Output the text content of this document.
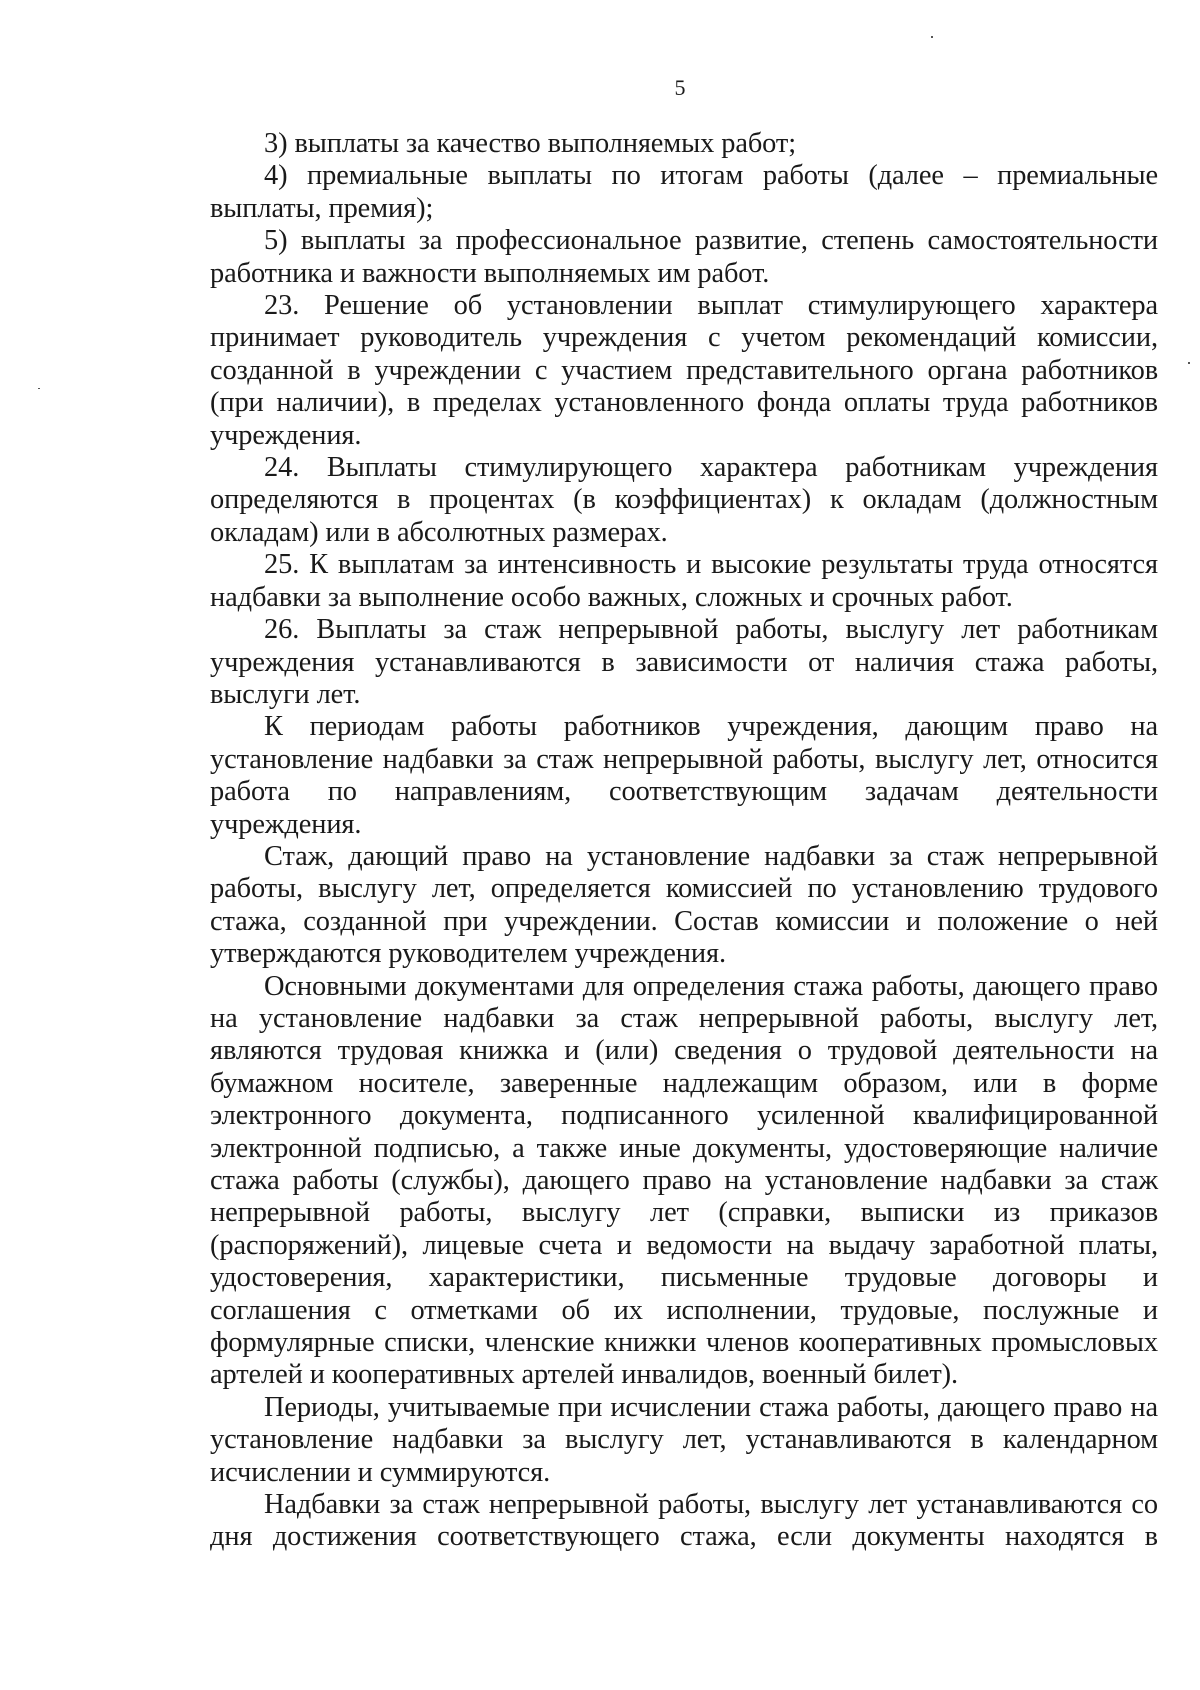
5

3) выплаты за качество выполняемых работ;

4) премиальные выплаты по итогам работы (далее – премиальные выплаты, премия);

5) выплаты за профессиональное развитие, степень самостоятельности работника и важности выполняемых им работ.

23. Решение об установлении выплат стимулирующего характера принимает руководитель учреждения с учетом рекомендаций комиссии, созданной в учреждении с участием представительного органа работников (при наличии), в пределах установленного фонда оплаты труда работников учреждения.

24. Выплаты стимулирующего характера работникам учреждения определяются в процентах (в коэффициентах) к окладам (должностным окладам) или в абсолютных размерах.

25. К выплатам за интенсивность и высокие результаты труда относятся надбавки за выполнение особо важных, сложных и срочных работ.

26. Выплаты за стаж непрерывной работы, выслугу лет работникам учреждения устанавливаются в зависимости от наличия стажа работы, выслуги лет.

К периодам работы работников учреждения, дающим право на установление надбавки за стаж непрерывной работы, выслугу лет, относится работа по направлениям, соответствующим задачам деятельности учреждения.

Стаж, дающий право на установление надбавки за стаж непрерывной работы, выслугу лет, определяется комиссией по установлению трудового стажа, созданной при учреждении. Состав комиссии и положение о ней утверждаются руководителем учреждения.

Основными документами для определения стажа работы, дающего право на установление надбавки за стаж непрерывной работы, выслугу лет, являются трудовая книжка и (или) сведения о трудовой деятельности на бумажном носителе, заверенные надлежащим образом, или в форме электронного документа, подписанного усиленной квалифицированной электронной подписью, а также иные документы, удостоверяющие наличие стажа работы (службы), дающего право на установление надбавки за стаж непрерывной работы, выслугу лет (справки, выписки из приказов (распоряжений), лицевые счета и ведомости на выдачу заработной платы, удостоверения, характеристики, письменные трудовые договоры и соглашения с отметками об их исполнении, трудовые, послужные и формулярные списки, членские книжки членов кооперативных промысловых артелей и кооперативных артелей инвалидов, военный билет).

Периоды, учитываемые при исчислении стажа работы, дающего право на установление надбавки за выслугу лет, устанавливаются в календарном исчислении и суммируются.

Надбавки за стаж непрерывной работы, выслугу лет устанавливаются со дня достижения соответствующего стажа, если документы находятся в
